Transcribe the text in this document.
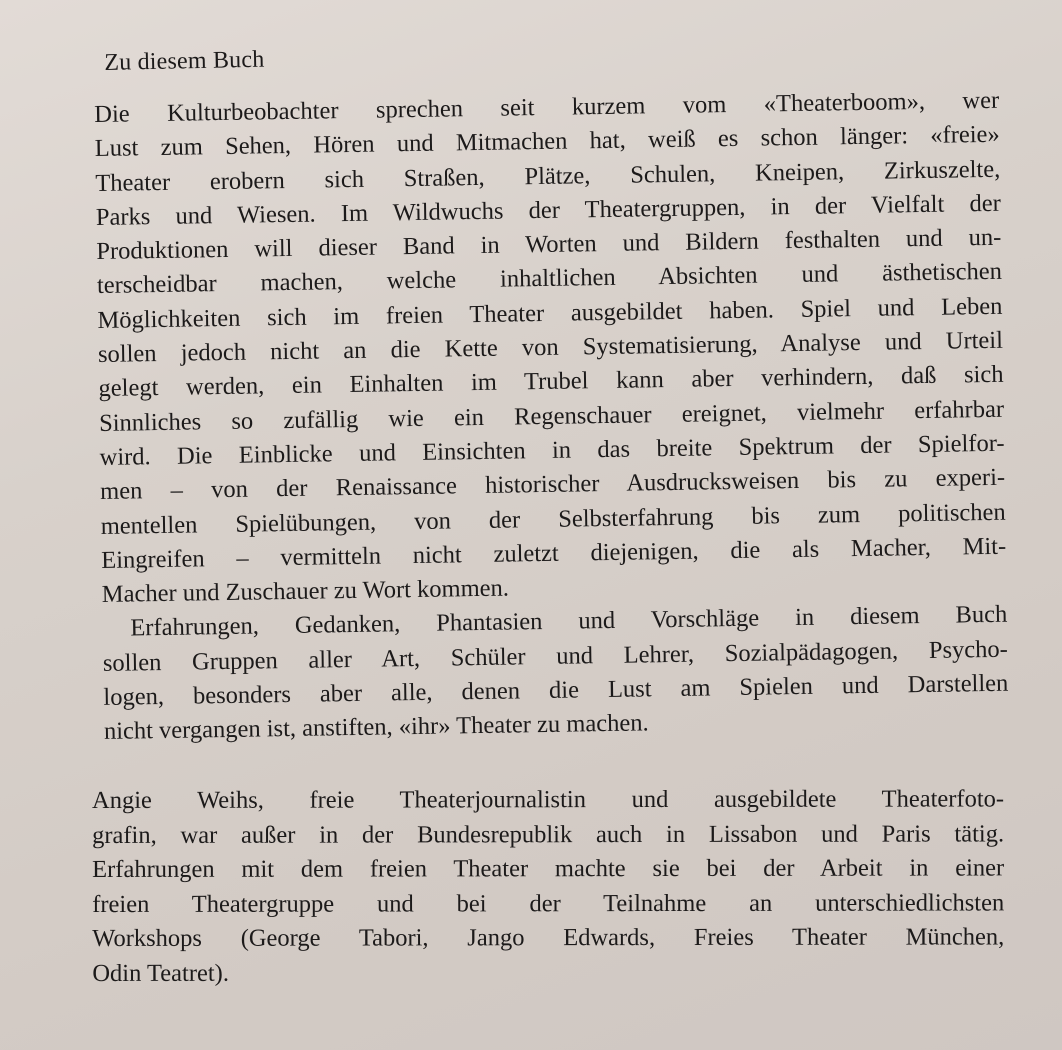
Zu diesem Buch
Die Kulturbeobachter sprechen seit kurzem vom «Theaterboom», wer
Lust zum Sehen, Hören und Mitmachen hat, weiß es schon länger: «freie»
Theater erobern sich Straßen, Plätze, Schulen, Kneipen, Zirkuszelte,
Parks und Wiesen. Im Wildwuchs der Theatergruppen, in der Vielfalt der
Produktionen will dieser Band in Worten und Bildern festhalten und un-
terscheidbar machen, welche inhaltlichen Absichten und ästhetischen
Möglichkeiten sich im freien Theater ausgebildet haben. Spiel und Leben
sollen jedoch nicht an die Kette von Systematisierung, Analyse und Urteil
gelegt werden, ein Einhalten im Trubel kann aber verhindern, daß sich
Sinnliches so zufällig wie ein Regenschauer ereignet, vielmehr erfahrbar
wird. Die Einblicke und Einsichten in das breite Spektrum der Spielfor-
men – von der Renaissance historischer Ausdrucksweisen bis zu experi-
mentellen Spielübungen, von der Selbsterfahrung bis zum politischen
Eingreifen – vermitteln nicht zuletzt diejenigen, die als Macher, Mit-
Macher und Zuschauer zu Wort kommen.
Erfahrungen, Gedanken, Phantasien und Vorschläge in diesem Buch
sollen Gruppen aller Art, Schüler und Lehrer, Sozialpädagogen, Psycho-
logen, besonders aber alle, denen die Lust am Spielen und Darstellen
nicht vergangen ist, anstiften, «ihr» Theater zu machen.
Angie Weihs, freie Theaterjournalistin und ausgebildete Theaterfoto-
grafin, war außer in der Bundesrepublik auch in Lissabon und Paris tätig.
Erfahrungen mit dem freien Theater machte sie bei der Arbeit in einer
freien Theatergruppe und bei der Teilnahme an unterschiedlichsten
Workshops (George Tabori, Jango Edwards, Freies Theater München,
Odin Teatret).
